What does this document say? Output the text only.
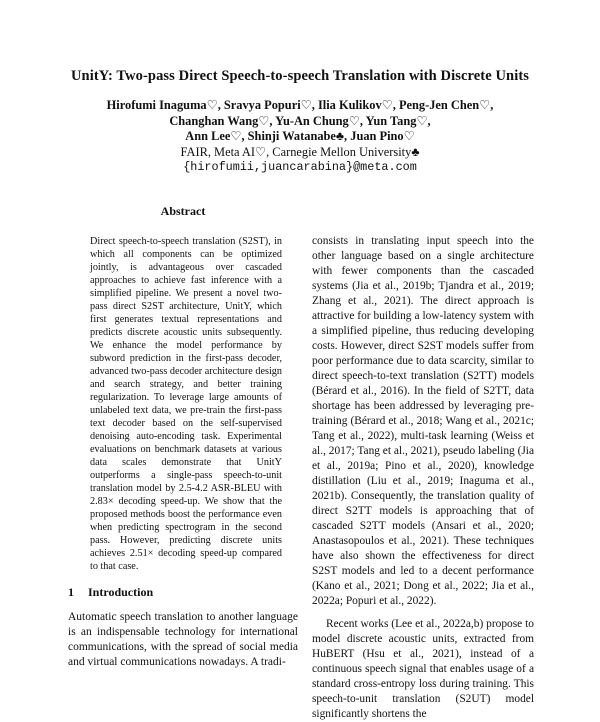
UnitY: Two-pass Direct Speech-to-speech Translation with Discrete Units
Hirofumi Inaguma♡, Sravya Popuri♡, Ilia Kulikov♡, Peng-Jen Chen♡,
Changhan Wang♡, Yu-An Chung♡, Yun Tang♡,
Ann Lee♡, Shinji Watanabe♣, Juan Pino♡
FAIR, Meta AI♡, Carnegie Mellon University♣
{hirofumii,juancarabina}@meta.com
Abstract
Direct speech-to-speech translation (S2ST), in which all components can be optimized jointly, is advantageous over cascaded approaches to achieve fast inference with a simplified pipeline. We present a novel two-pass direct S2ST architecture, UnitY, which first generates textual representations and predicts discrete acoustic units subsequently. We enhance the model performance by subword prediction in the first-pass decoder, advanced two-pass decoder architecture design and search strategy, and better training regularization. To leverage large amounts of unlabeled text data, we pre-train the first-pass text decoder based on the self-supervised denoising auto-encoding task. Experimental evaluations on benchmark datasets at various data scales demonstrate that UnitY outperforms a single-pass speech-to-unit translation model by 2.5-4.2 ASR-BLEU with 2.83× decoding speed-up. We show that the proposed methods boost the performance even when predicting spectrogram in the second pass. However, predicting discrete units achieves 2.51× decoding speed-up compared to that case.
1 Introduction
Automatic speech translation to another language is an indispensable technology for international communications, with the spread of social media and virtual communications nowadays. A tradi-

consists in translating input speech into the other language based on a single architecture with fewer components than the cascaded systems (Jia et al., 2019b; Tjandra et al., 2019; Zhang et al., 2021). The direct approach is attractive for building a low-latency system with a simplified pipeline, thus reducing developing costs. However, direct S2ST models suffer from poor performance due to data scarcity, similar to direct speech-to-text translation (S2TT) models (Bérard et al., 2016). In the field of S2TT, data shortage has been addressed by leveraging pre-training (Bérard et al., 2018; Wang et al., 2021c; Tang et al., 2022), multi-task learning (Weiss et al., 2017; Tang et al., 2021), pseudo labeling (Jia et al., 2019a; Pino et al., 2020), knowledge distillation (Liu et al., 2019; Inaguma et al., 2021b). Consequently, the translation quality of direct S2TT models is approaching that of cascaded S2TT models (Ansari et al., 2020; Anastasopoulos et al., 2021). These techniques have also shown the effectiveness for direct S2ST models and led to a decent performance (Kano et al., 2021; Dong et al., 2022; Jia et al., 2022a; Popuri et al., 2022).

Recent works (Lee et al., 2022a,b) propose to model discrete acoustic units, extracted from HuBERT (Hsu et al., 2021), instead of a continuous speech signal that enables usage of a standard cross-entropy loss during training. This speech-to-unit translation (S2UT) model significantly shortens the
